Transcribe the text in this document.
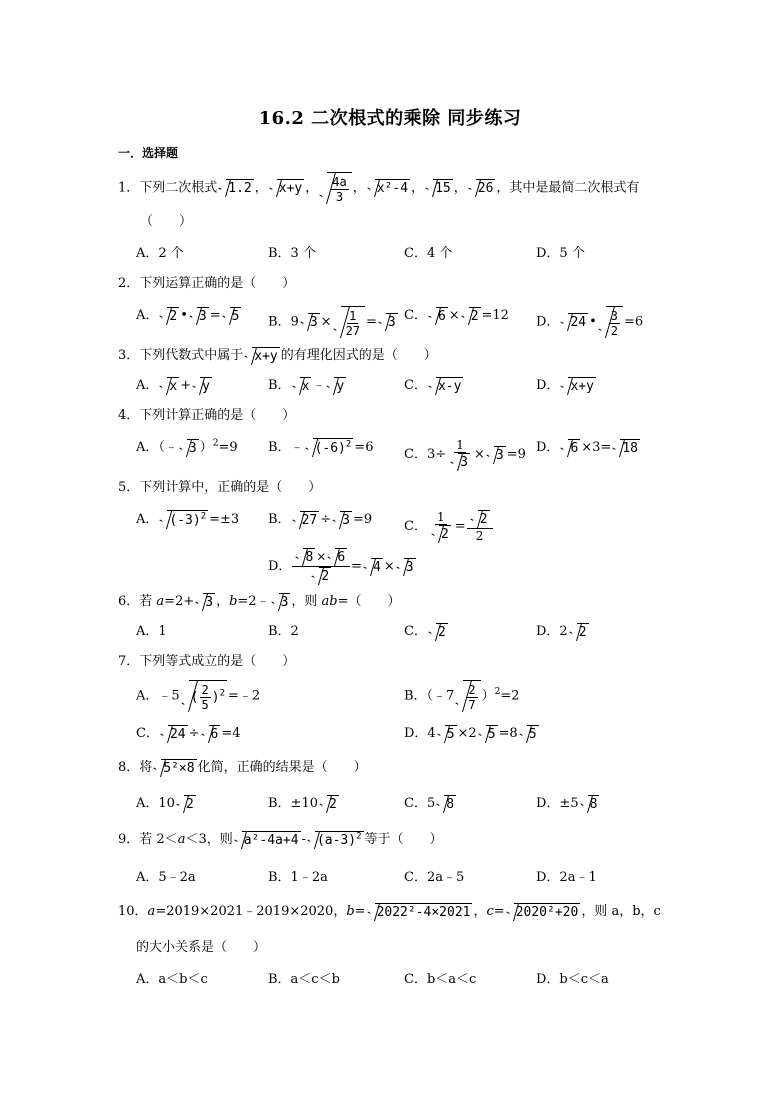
16.2 二次根式的乘除 同步练习
一．选择题
1．下列二次根式 1.2 ， x+y ， $\frac{4a}{3}$ ， x²-4 ， 15 ， 26 ，其中是最简二次根式有
（　　）
A．2 个	B．3 个	C．4 个	D．5 个
2．下列运算正确的是（　　）
A． 2 • 3 = 5 B．9 $3 \times \frac{1}{27} = 3$ C． 6 × 2 =12 D． 24 • $\frac{3}{2} =6$
3．下列代数式中属于 x+y 的有理化因式的是（　　）
A． x + y	B． x ﹣ y	C． x-y	D． x+y
4．下列计算正确的是（　　）
A．（﹣ 3 ）$^2$=9 B．﹣ $(-6)^2 =6$ C．$3\div \frac{1}{3} \times 3 =9$ D． 6 ×3= 18
5．下列计算中，正确的是（　　）
A． $(-3)^2 =\pm 3$ B． 27 ÷ 3 =9 C． $\frac{1}{2} = \frac{2}{2}$
D． $\frac{8 \times 6}{2} = 4 \times 3$
6．若 a=2+ 3 ，b=2﹣ 3 ，则 ab=（　　）
A．1	B．2	C． 2	D．2 2
7．下列等式成立的是（　　）
A．﹣5 ( $\frac{2}{5} )^2$ =﹣2	B．（﹣7 $\frac{2}{7} )^2=2$
C． 24 ÷ 6 =4	D．4 5 ×2 5 =8 5
8．将 5²×8 化简，正确的结果是（　　）
A．10 2	B．±10 2	C．5 8	D．±5 8
9．若 2＜a＜3，则 $a^2-4a+4 - (a-3)^2$ 等于（　　）
A．5﹣2a	B．1﹣2a	C．2a﹣5	D．2a﹣1
10．a=2019×2021﹣2019×2020，b= 2022²-4×2021 ，c= 2020²+20 ，则 a，b，c
的大小关系是（　　）
A．a＜b＜c	B．a＜c＜b	C．b＜a＜c	D．b＜c＜a
